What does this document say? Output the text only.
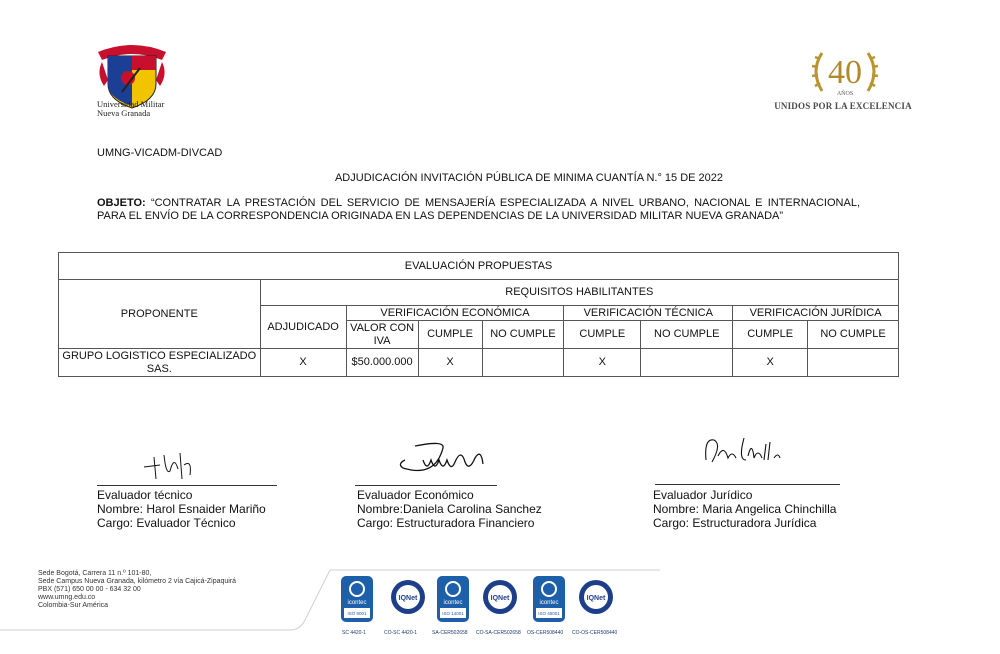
Universidad Militar
Nueva Granada
40
AÑOS
UNIDOS POR LA EXCELENCIA
UMNG-VICADM-DIVCAD
ADJUDICACIÓN INVITACIÓN PÚBLICA DE MINIMA CUANTÍA N.° 15 DE 2022
OBJETO: “CONTRATAR LA PRESTACIÓN DEL SERVICIO DE MENSAJERÍA ESPECIALIZADA A NIVEL URBANO, NACIONAL E INTERNACIONAL, PARA EL ENVÍO DE LA CORRESPONDENCIA ORIGINADA EN LAS DEPENDENCIAS DE LA UNIVERSIDAD MILITAR NUEVA GRANADA”
EVALUACIÓN PROPUESTAS								
PROPONENTE	REQUISITOS HABILITANTES							
	ADJUDICADO	VERIFICACIÓN ECONÓMICA			VERIFICACIÓN TÉCNICA		VERIFICACIÓN JURÍDICA	
		VALOR CON IVA	CUMPLE	NO CUMPLE	CUMPLE	NO CUMPLE	CUMPLE	NO CUMPLE
GRUPO LOGISTICO ESPECIALIZADO SAS.	X	$50.000.000	X		X		X	
Evaluador técnico
Nombre: Harol Esnaider Mariño
Cargo: Evaluador Técnico
Evaluador Económico
Nombre:Daniela Carolina Sanchez
Cargo: Estructuradora Financiero
Evaluador Jurídico
Nombre: Maria Angelica Chinchilla
Cargo: Estructuradora Jurídica
Sede Bogotá, Carrera 11 n.º 101-80,
Sede Campus Nueva Granada, kilómetro 2 vía Cajicá-Zipaquirá
PBX (571) 650 00 00 - 634 32 00
www.umng.edu.co
Colombia-Sur América	icontec
ISO 9001
IQNet
icontec
ISO 14001
IQNet
icontec
ISO 45001
IQNet
SC 4420-1	CO-SC 4420-1	SA-CER502658 CO-SA-CER502658 OS-CER508440 CO-OS-CER508440
